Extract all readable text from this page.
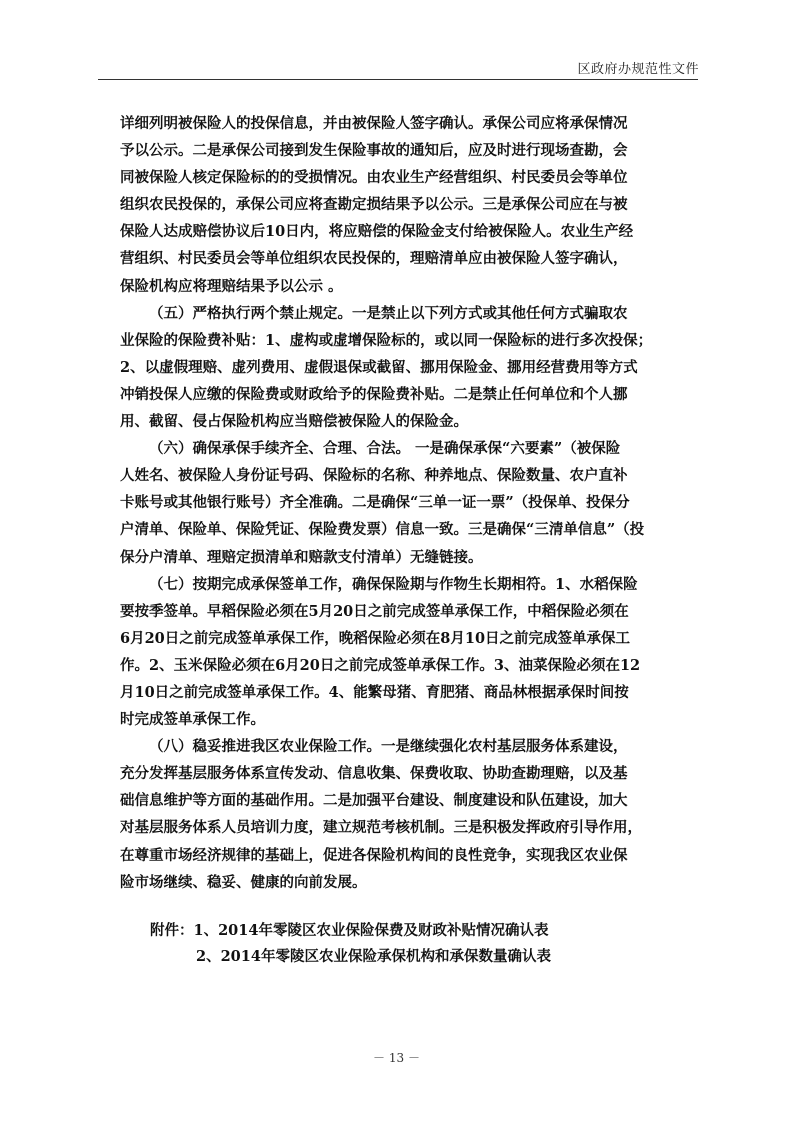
区政府办规范性文件
详细列明被保险人的投保信息，并由被保险人签字确认。承保公司应将承保情况
予以公示。二是承保公司接到发生保险事故的通知后，应及时进行现场查勘，会
同被保险人核定保险标的的受损情况。由农业生产经营组织、村民委员会等单位
组织农民投保的，承保公司应将查勘定损结果予以公示。三是承保公司应在与被
保险人达成赔偿协议后10日内，将应赔偿的保险金支付给被保险人。农业生产经
营组织、村民委员会等单位组织农民投保的，理赔清单应由被保险人签字确认，
保险机构应将理赔结果予以公示 。
（五）严格执行两个禁止规定。一是禁止以下列方式或其他任何方式骗取农
业保险的保险费补贴：1、虚构或虚增保险标的，或以同一保险标的进行多次投保；
2、以虚假理赔、虚列费用、虚假退保或截留、挪用保险金、挪用经营费用等方式
冲销投保人应缴的保险费或财政给予的保险费补贴。二是禁止任何单位和个人挪
用、截留、侵占保险机构应当赔偿被保险人的保险金。
（六）确保承保手续齐全、合理、合法。 一是确保承保“六要素”（被保险
人姓名、被保险人身份证号码、保险标的名称、种养地点、保险数量、农户直补
卡账号或其他银行账号）齐全准确。二是确保“三单一证一票”（投保单、投保分
户清单、保险单、保险凭证、保险费发票）信息一致。三是确保“三清单信息”（投
保分户清单、理赔定损清单和赔款支付清单）无缝链接。
（七）按期完成承保签单工作，确保保险期与作物生长期相符。1、水稻保险
要按季签单。早稻保险必须在5月20日之前完成签单承保工作，中稻保险必须在
6月20日之前完成签单承保工作，晚稻保险必须在8月10日之前完成签单承保工
作。2、玉米保险必须在6月20日之前完成签单承保工作。3、油菜保险必须在12
月10日之前完成签单承保工作。4、能繁母猪、育肥猪、商品林根据承保时间按
时完成签单承保工作。
（八）稳妥推进我区农业保险工作。一是继续强化农村基层服务体系建设，
充分发挥基层服务体系宣传发动、信息收集、保费收取、协助查勘理赔，以及基
础信息维护等方面的基础作用。二是加强平台建设、制度建设和队伍建设，加大
对基层服务体系人员培训力度，建立规范考核机制。三是积极发挥政府引导作用，
在尊重市场经济规律的基础上，促进各保险机构间的良性竞争，实现我区农业保
险市场继续、稳妥、健康的向前发展。
附件：1、2014年零陵区农业保险保费及财政补贴情况确认表
2、2014年零陵区农业保险承保机构和承保数量确认表
－ 13 －
